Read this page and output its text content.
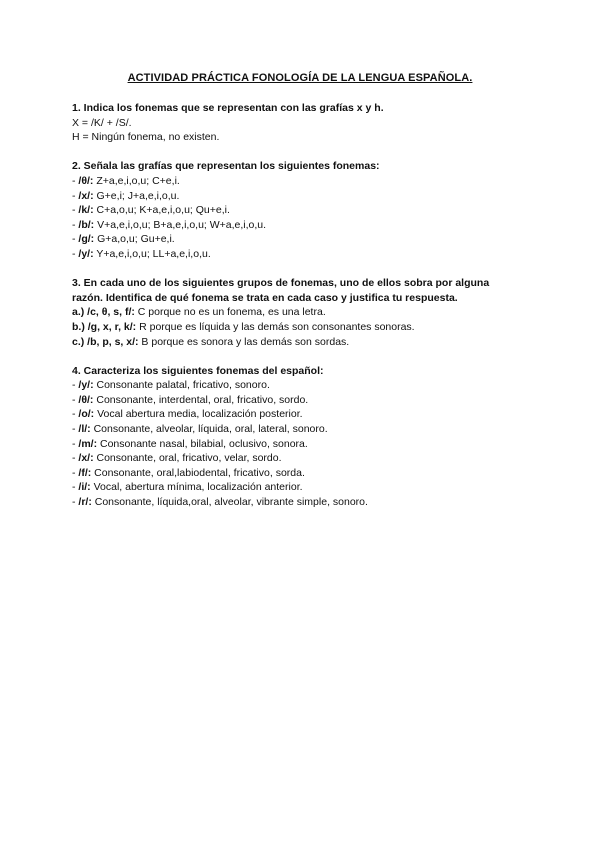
ACTIVIDAD PRÁCTICA FONOLOGÍA DE LA LENGUA ESPAÑOLA.
1. Indica los fonemas que se representan con las grafías x y h.
X = /K/ + /S/.
H = Ningún fonema, no existen.
2. Señala las grafías que representan los siguientes fonemas:
- /θ/: Z+a,e,i,o,u; C+e,i.
- /x/: G+e,i; J+a,e,i,o,u.
- /k/: C+a,o,u; K+a,e,i,o,u; Qu+e,i.
- /b/: V+a,e,i,o,u; B+a,e,i,o,u; W+a,e,i,o,u.
- /g/: G+a,o,u; Gu+e,i.
- /y/: Y+a,e,i,o,u; LL+a,e,i,o,u.
3. En cada uno de los siguientes grupos de fonemas, uno de ellos sobra por alguna
razón. Identifica de qué fonema se trata en cada caso y justifica tu respuesta.
a.) /c, θ, s, f/: C porque no es un fonema, es una letra.
b.) /g, x, r, k/: R porque es líquida y las demás son consonantes sonoras.
c.) /b, p, s, x/: B porque es sonora y las demás son sordas.
4. Caracteriza los siguientes fonemas del español:
- /y/: Consonante palatal, fricativo, sonoro.
- /θ/: Consonante, interdental, oral, fricativo, sordo.
- /o/: Vocal abertura media, localización posterior.
- /l/: Consonante, alveolar, líquida, oral, lateral, sonoro.
- /m/: Consonante nasal, bilabial, oclusivo, sonora.
- /x/: Consonante, oral, fricativo, velar, sordo.
- /f/: Consonante, oral,labiodental, fricativo, sorda.
- /i/: Vocal, abertura mínima, localización anterior.
- /r/: Consonante, líquida,oral, alveolar, vibrante simple, sonoro.
